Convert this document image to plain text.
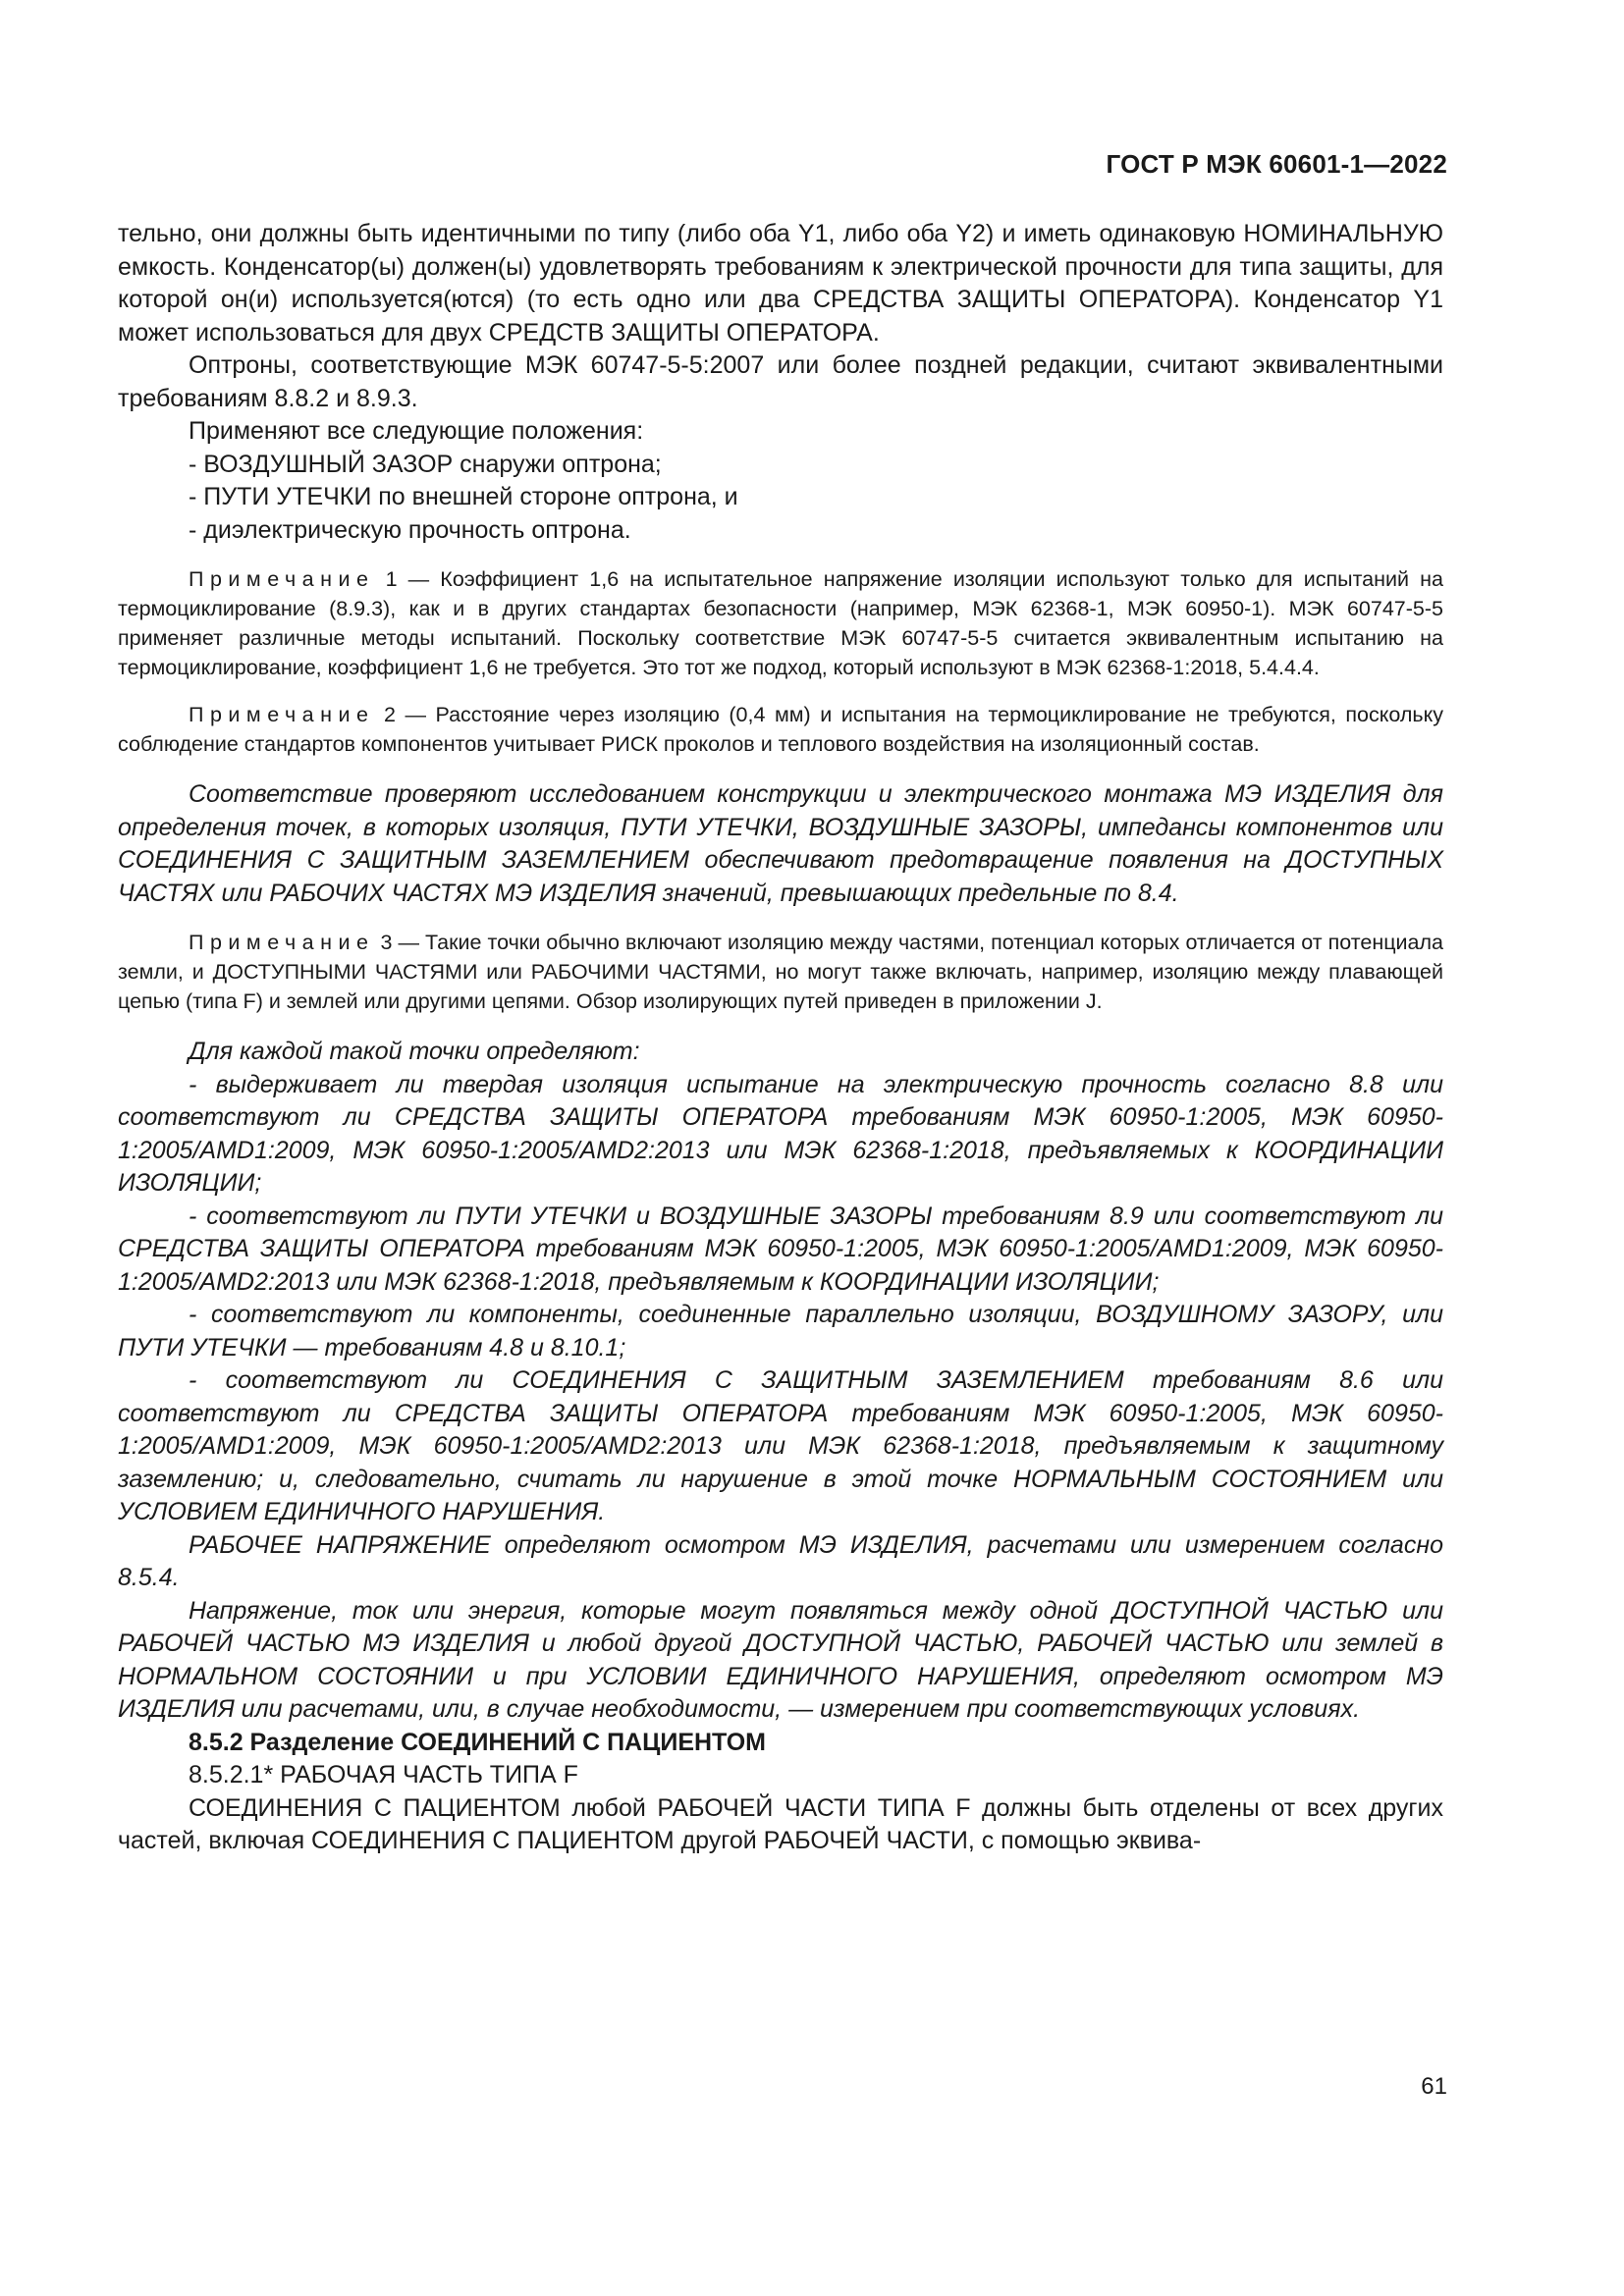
ГОСТ Р МЭК 60601-1—2022

тельно, они должны быть идентичными по типу (либо оба Y1, либо оба Y2) и иметь одинаковую НОМИНАЛЬНУЮ емкость. Конденсатор(ы) должен(ы) удовлетворять требованиям к электрической прочности для типа защиты, для которой он(и) используется(ются) (то есть одно или два СРЕДСТВА ЗАЩИТЫ ОПЕРАТОРА). Конденсатор Y1 может использоваться для двух СРЕДСТВ ЗАЩИТЫ ОПЕРАТОРА.

Оптроны, соответствующие МЭК 60747-5-5:2007 или более поздней редакции, считают эквивалентными требованиям 8.8.2 и 8.9.3.

Применяют все следующие положения:

- ВОЗДУШНЫЙ ЗАЗОР снаружи оптрона;

- ПУТИ УТЕЧКИ по внешней стороне оптрона, и

- диэлектрическую прочность оптрона.

Примечание 1 — Коэффициент 1,6 на испытательное напряжение изоляции используют только для испытаний на термоциклирование (8.9.3), как и в других стандартах безопасности (например, МЭК 62368-1, МЭК 60950-1). МЭК 60747-5-5 применяет различные методы испытаний. Поскольку соответствие МЭК 60747-5-5 считается эквивалентным испытанию на термоциклирование, коэффициент 1,6 не требуется. Это тот же подход, который используют в МЭК 62368-1:2018, 5.4.4.4.

Примечание 2 — Расстояние через изоляцию (0,4 мм) и испытания на термоциклирование не требуются, поскольку соблюдение стандартов компонентов учитывает РИСК проколов и теплового воздействия на изоляционный состав.

Соответствие проверяют исследованием конструкции и электрического монтажа МЭ ИЗДЕЛИЯ для определения точек, в которых изоляция, ПУТИ УТЕЧКИ, ВОЗДУШНЫЕ ЗАЗОРЫ, импедансы компонентов или СОЕДИНЕНИЯ С ЗАЩИТНЫМ ЗАЗЕМЛЕНИЕМ обеспечивают предотвращение появления на ДОСТУПНЫХ ЧАСТЯХ или РАБОЧИХ ЧАСТЯХ МЭ ИЗДЕЛИЯ значений, превышающих предельные по 8.4.

Примечание 3 — Такие точки обычно включают изоляцию между частями, потенциал которых отличается от потенциала земли, и ДОСТУПНЫМИ ЧАСТЯМИ или РАБОЧИМИ ЧАСТЯМИ, но могут также включать, например, изоляцию между плавающей цепью (типа F) и землей или другими цепями. Обзор изолирующих путей приведен в приложении J.

Для каждой такой точки определяют:

- выдерживает ли твердая изоляция испытание на электрическую прочность согласно 8.8 или соответствуют ли СРЕДСТВА ЗАЩИТЫ ОПЕРАТОРА требованиям МЭК 60950-1:2005, МЭК 60950-1:2005/AMD1:2009, МЭК 60950-1:2005/AMD2:2013 или МЭК 62368-1:2018, предъявляемых к КООРДИНАЦИИ ИЗОЛЯЦИИ;

- соответствуют ли ПУТИ УТЕЧКИ и ВОЗДУШНЫЕ ЗАЗОРЫ требованиям 8.9 или соответствуют ли СРЕДСТВА ЗАЩИТЫ ОПЕРАТОРА требованиям МЭК 60950-1:2005, МЭК 60950-1:2005/AMD1:2009, МЭК 60950-1:2005/AMD2:2013 или МЭК 62368-1:2018, предъявляемым к КООРДИНАЦИИ ИЗОЛЯЦИИ;

- соответствуют ли компоненты, соединенные параллельно изоляции, ВОЗДУШНОМУ ЗАЗОРУ, или ПУТИ УТЕЧКИ — требованиям 4.8 и 8.10.1;

- соответствуют ли СОЕДИНЕНИЯ С ЗАЩИТНЫМ ЗАЗЕМЛЕНИЕМ требованиям 8.6 или соответствуют ли СРЕДСТВА ЗАЩИТЫ ОПЕРАТОРА требованиям МЭК 60950-1:2005, МЭК 60950-1:2005/AMD1:2009, МЭК 60950-1:2005/AMD2:2013 или МЭК 62368-1:2018, предъявляемым к защитному заземлению; и, следовательно, считать ли нарушение в этой точке НОРМАЛЬНЫМ СОСТОЯНИЕМ или УСЛОВИЕМ ЕДИНИЧНОГО НАРУШЕНИЯ.

РАБОЧЕЕ НАПРЯЖЕНИЕ определяют осмотром МЭ ИЗДЕЛИЯ, расчетами или измерением согласно 8.5.4.

Напряжение, ток или энергия, которые могут появляться между одной ДОСТУПНОЙ ЧАСТЬЮ или РАБОЧЕЙ ЧАСТЬЮ МЭ ИЗДЕЛИЯ и любой другой ДОСТУПНОЙ ЧАСТЬЮ, РАБОЧЕЙ ЧАСТЬЮ или землей в НОРМАЛЬНОМ СОСТОЯНИИ и при УСЛОВИИ ЕДИНИЧНОГО НАРУШЕНИЯ, определяют осмотром МЭ ИЗДЕЛИЯ или расчетами, или, в случае необходимости, — измерением при соответствующих условиях.

8.5.2 Разделение СОЕДИНЕНИЙ С ПАЦИЕНТОМ

8.5.2.1* РАБОЧАЯ ЧАСТЬ ТИПА F

СОЕДИНЕНИЯ С ПАЦИЕНТОМ любой РАБОЧЕЙ ЧАСТИ ТИПА F должны быть отделены от всех других частей, включая СОЕДИНЕНИЯ С ПАЦИЕНТОМ другой РАБОЧЕЙ ЧАСТИ, с помощью эквива-

61
